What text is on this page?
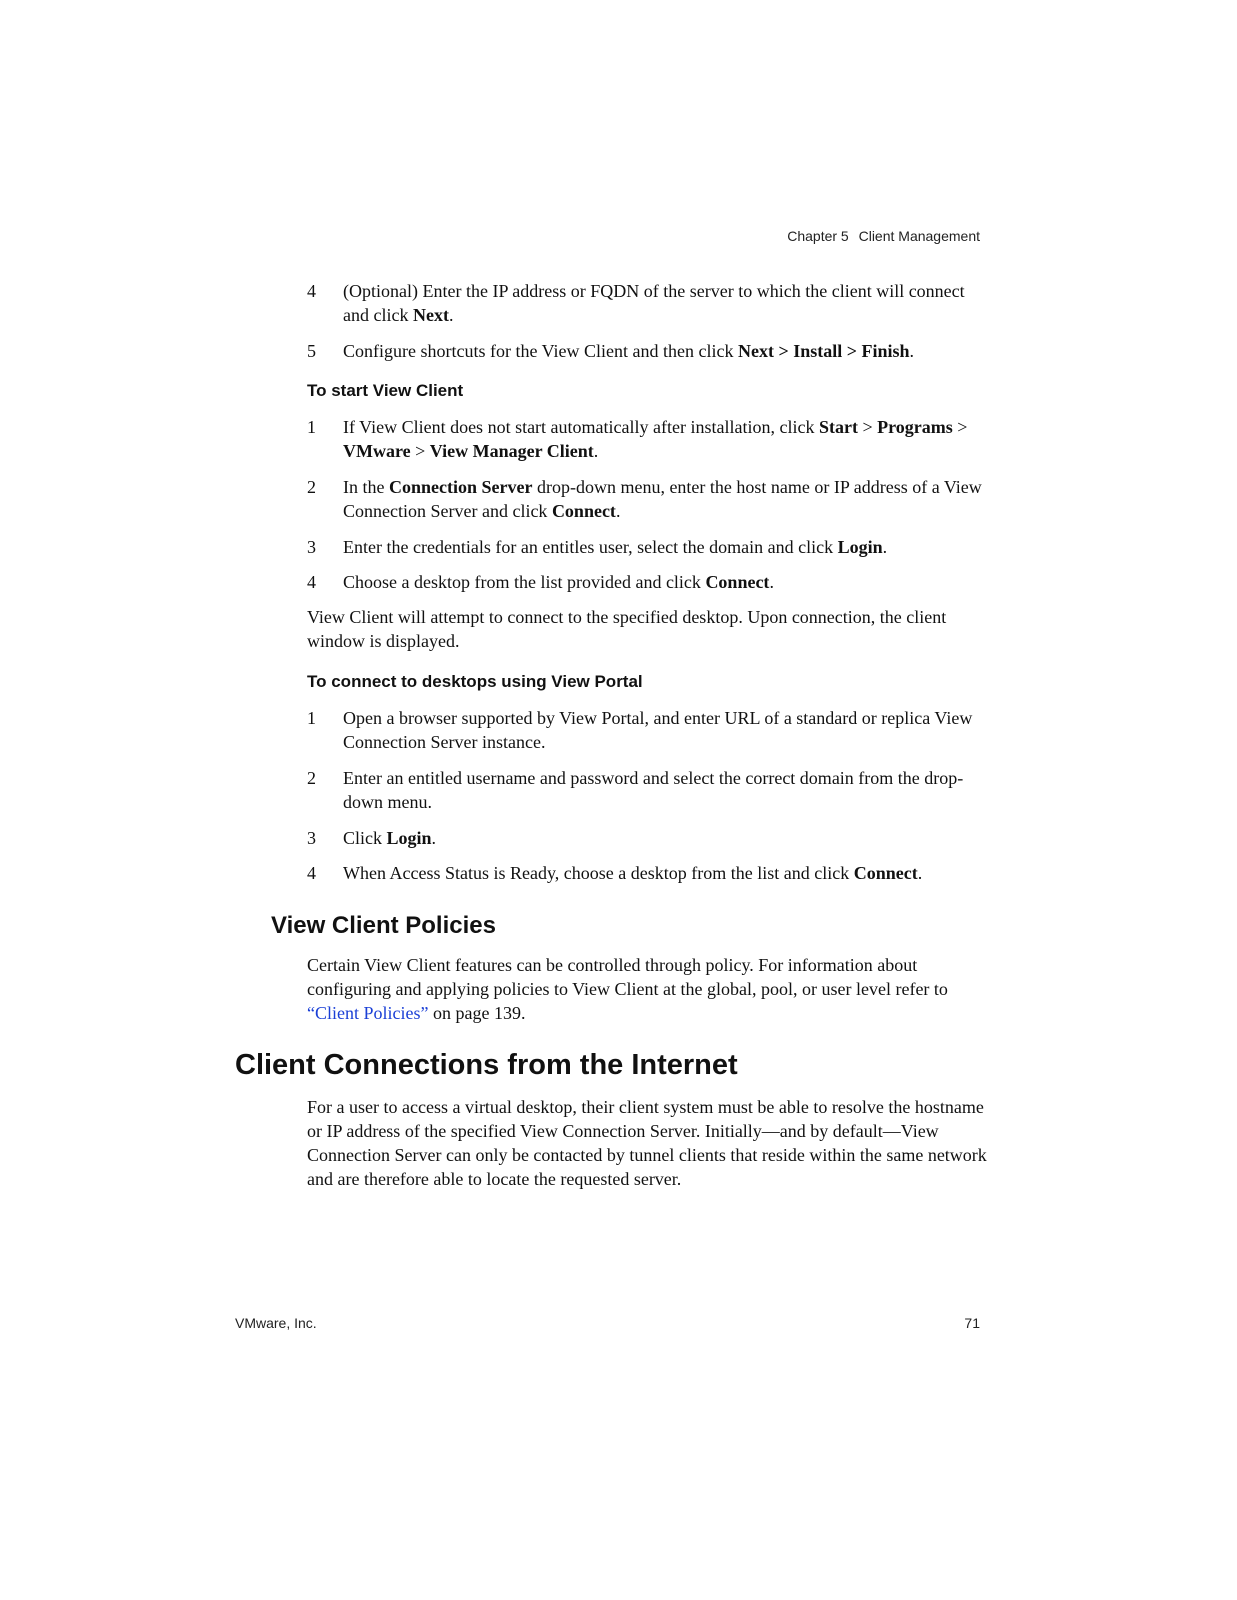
Chapter 5 Client Management
4 (Optional) Enter the IP address or FQDN of the server to which the client will connect and click Next.
5 Configure shortcuts for the View Client and then click Next > Install > Finish.
To start View Client
1 If View Client does not start automatically after installation, click Start > Programs > VMware > View Manager Client.
2 In the Connection Server drop-down menu, enter the host name or IP address of a View Connection Server and click Connect.
3 Enter the credentials for an entitles user, select the domain and click Login.
4 Choose a desktop from the list provided and click Connect.
View Client will attempt to connect to the specified desktop. Upon connection, the client window is displayed.
To connect to desktops using View Portal
1 Open a browser supported by View Portal, and enter URL of a standard or replica View Connection Server instance.
2 Enter an entitled username and password and select the correct domain from the drop-down menu.
3 Click Login.
4 When Access Status is Ready, choose a desktop from the list and click Connect.
View Client Policies
Certain View Client features can be controlled through policy. For information about configuring and applying policies to View Client at the global, pool, or user level refer to “Client Policies” on page 139.
Client Connections from the Internet
For a user to access a virtual desktop, their client system must be able to resolve the hostname or IP address of the specified View Connection Server. Initially—and by default—View Connection Server can only be contacted by tunnel clients that reside within the same network and are therefore able to locate the requested server.
VMware, Inc.	71
